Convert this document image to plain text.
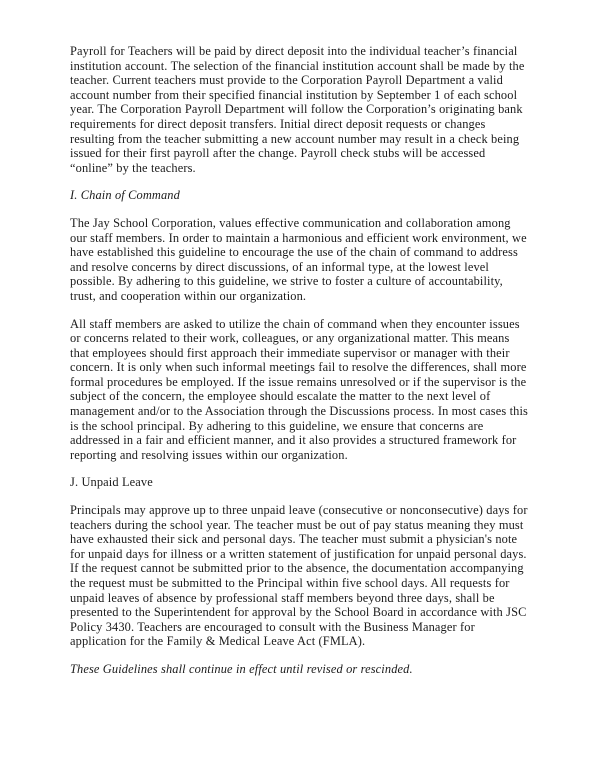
Payroll for Teachers will be paid by direct deposit into the individual teacher’s financial institution account. The selection of the financial institution account shall be made by the teacher. Current teachers must provide to the Corporation Payroll Department a valid account number from their specified financial institution by September 1 of each school year. The Corporation Payroll Department will follow the Corporation’s originating bank requirements for direct deposit transfers. Initial direct deposit requests or changes resulting from the teacher submitting a new account number may result in a check being issued for their first payroll after the change. Payroll check stubs will be accessed “online” by the teachers.

I. Chain of Command

The Jay School Corporation, values effective communication and collaboration among our staff members. In order to maintain a harmonious and efficient work environment, we have established this guideline to encourage the use of the chain of command to address and resolve concerns by direct discussions, of an informal type, at the lowest level possible. By adhering to this guideline, we strive to foster a culture of accountability, trust, and cooperation within our organization.

All staff members are asked to utilize the chain of command when they encounter issues or concerns related to their work, colleagues, or any organizational matter. This means that employees should first approach their immediate supervisor or manager with their concern. It is only when such informal meetings fail to resolve the differences, shall more formal procedures be employed. If the issue remains unresolved or if the supervisor is the subject of the concern, the employee should escalate the matter to the next level of management and/or to the Association through the Discussions process. In most cases this is the school principal. By adhering to this guideline, we ensure that concerns are addressed in a fair and efficient manner, and it also provides a structured framework for reporting and resolving issues within our organization.

J. Unpaid Leave

Principals may approve up to three unpaid leave (consecutive or nonconsecutive) days for teachers during the school year. The teacher must be out of pay status meaning they must have exhausted their sick and personal days. The teacher must submit a physician's note for unpaid days for illness or a written statement of justification for unpaid personal days. If the request cannot be submitted prior to the absence, the documentation accompanying the request must be submitted to the Principal within five school days. All requests for unpaid leaves of absence by professional staff members beyond three days, shall be presented to the Superintendent for approval by the School Board in accordance with JSC Policy 3430. Teachers are encouraged to consult with the Business Manager for application for the Family & Medical Leave Act (FMLA).

These Guidelines shall continue in effect until revised or rescinded.
